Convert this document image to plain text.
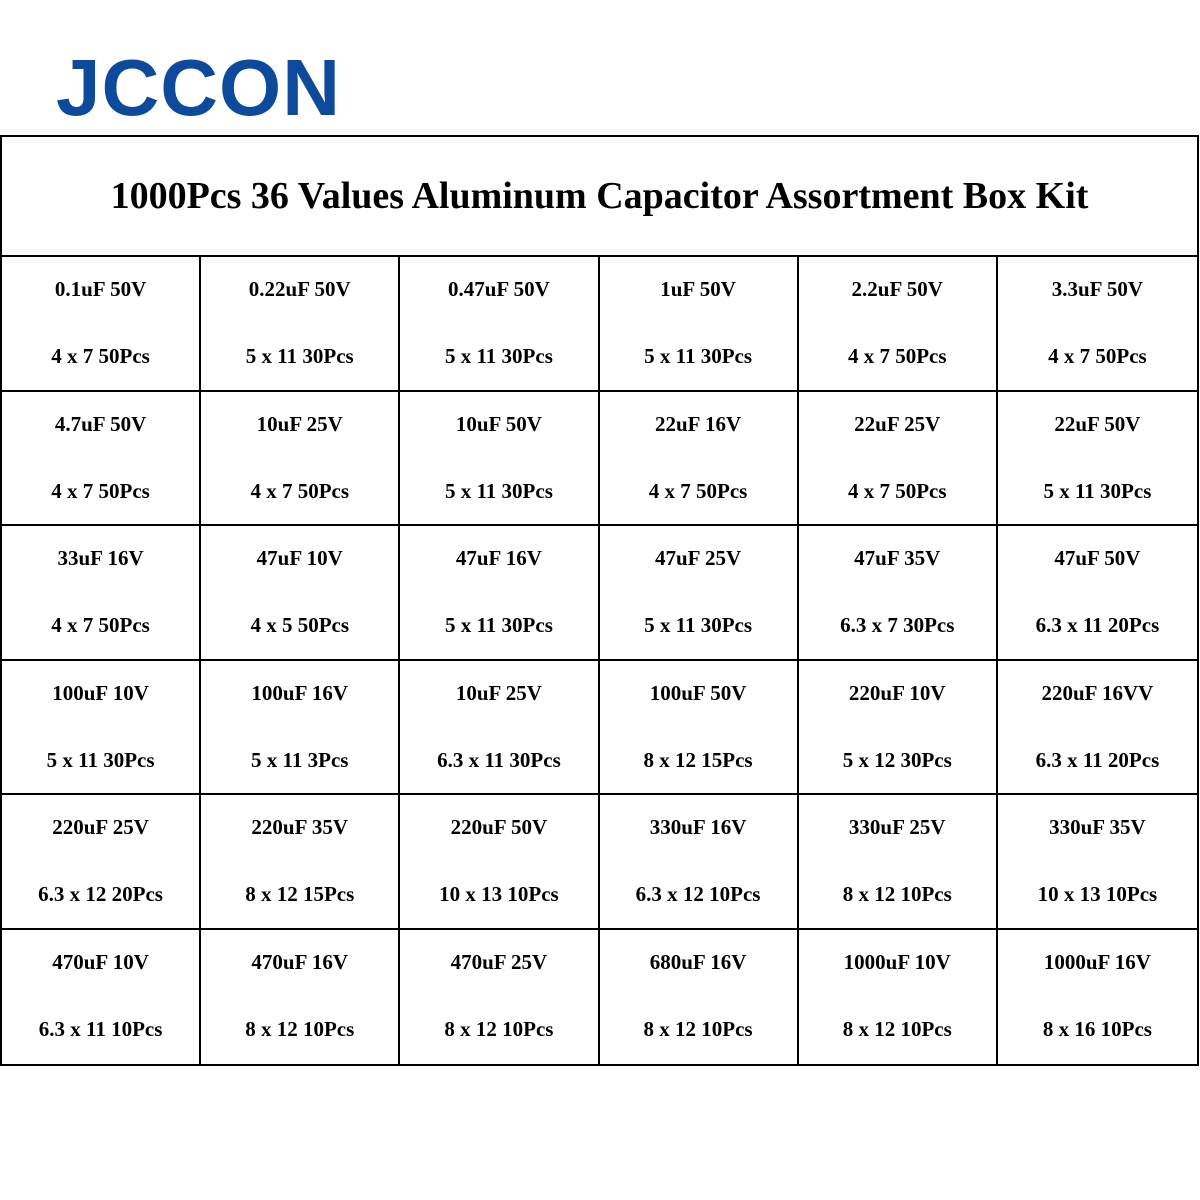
JCCON
1000Pcs 36 Values Aluminum Capacitor Assortment Box Kit
0.1uF 50V
4 x 7 50Pcs
0.22uF 50V
5 x 11 30Pcs
0.47uF 50V
5 x 11 30Pcs
1uF 50V
5 x 11 30Pcs
2.2uF 50V
4 x 7 50Pcs
3.3uF 50V
4 x 7 50Pcs
4.7uF 50V
4 x 7 50Pcs
10uF 25V
4 x 7 50Pcs
10uF 50V
5 x 11 30Pcs
22uF 16V
4 x 7 50Pcs
22uF 25V
4 x 7 50Pcs
22uF 50V
5 x 11 30Pcs
33uF 16V
4 x 7 50Pcs
47uF 10V
4 x 5 50Pcs
47uF 16V
5 x 11 30Pcs
47uF 25V
5 x 11 30Pcs
47uF 35V
6.3 x 7 30Pcs
47uF 50V
6.3 x 11 20Pcs
100uF 10V
5 x 11 30Pcs
100uF 16V
5 x 11 3Pcs
10uF 25V
6.3 x 11 30Pcs
100uF 50V
8 x 12 15Pcs
220uF 10V
5 x 12 30Pcs
220uF 16VV
6.3 x 11 20Pcs
220uF 25V
6.3 x 12 20Pcs
220uF 35V
8 x 12 15Pcs
220uF 50V
10 x 13 10Pcs
330uF 16V
6.3 x 12 10Pcs
330uF 25V
8 x 12 10Pcs
330uF 35V
10 x 13 10Pcs
470uF 10V
6.3 x 11 10Pcs
470uF 16V
8 x 12 10Pcs
470uF 25V
8 x 12 10Pcs
680uF 16V
8 x 12 10Pcs
1000uF 10V
8 x 12 10Pcs
1000uF 16V
8 x 16 10Pcs
